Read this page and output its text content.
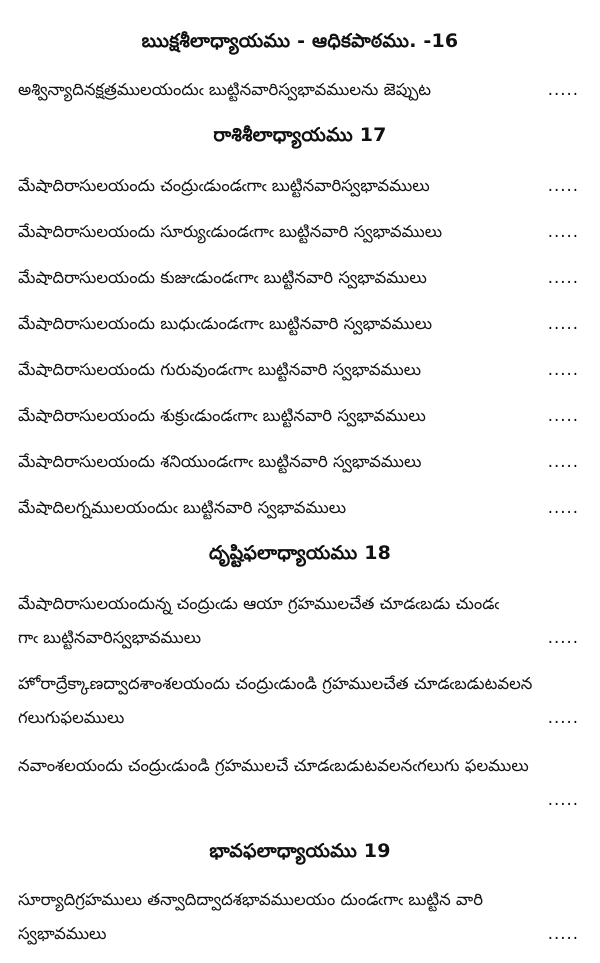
ఋక్షశీలాధ్యాయము - ఆధికపాఠము. -16
అశ్విన్యాదినక్షత్రములయందుఁ బుట్టినవారిస్వభావములను జెప్పుట	.....
రాశిశీలాధ్యాయము 17
మేషాదిరాసులయందు చంద్రుఁడుండఁగాఁ బుట్టినవారిస్వభావములు	.....
మేషాదిరాసులయందు సూర్యుఁడుండఁగాఁ బుట్టినవారి స్వభావములు	.....
మేషాదిరాసులయందు కుజుఁడుండఁగాఁ బుట్టినవారి స్వభావములు	.....
మేషాదిరాసులయందు బుధుఁడుండఁగాఁ బుట్టినవారి స్వభావములు	.....
మేషాదిరాసులయందు గురువుండఁగాఁ బుట్టినవారి స్వభావములు	.....
మేషాదిరాసులయందు శుక్రుఁడుండఁగాఁ బుట్టినవారి స్వభావములు	.....
మేషాదిరాసులయందు శనియుండఁగాఁ బుట్టినవారి స్వభావములు	.....
మేషాదిలగ్నములయందుఁ బుట్టినవారి స్వభావములు	.....
దృష్టిఫలాధ్యాయము 18
మేషాదిరాసులయందున్న చంద్రుఁడు ఆయా గ్రహములచేత చూడఁబడు చుండఁ
గాఁ బుట్టినవారిస్వభావములు	.....
హోరాద్రేక్కాణద్వాదశాంశలయందు చంద్రుఁడుండి గ్రహములచేత చూడఁబడుటవలన
గలుగుఫలములు	.....
నవాంశలయందు చంద్రుఁడుండి గ్రహములచే చూడఁబడుటవలనఁగలుగు ఫలములు
.....
భావఫలాధ్యాయము 19
సూర్యాదిగ్రహములు తన్వాదిద్వాదశభావములయం దుండఁగాఁ బుట్టిన వారి
స్వభావములు	.....
